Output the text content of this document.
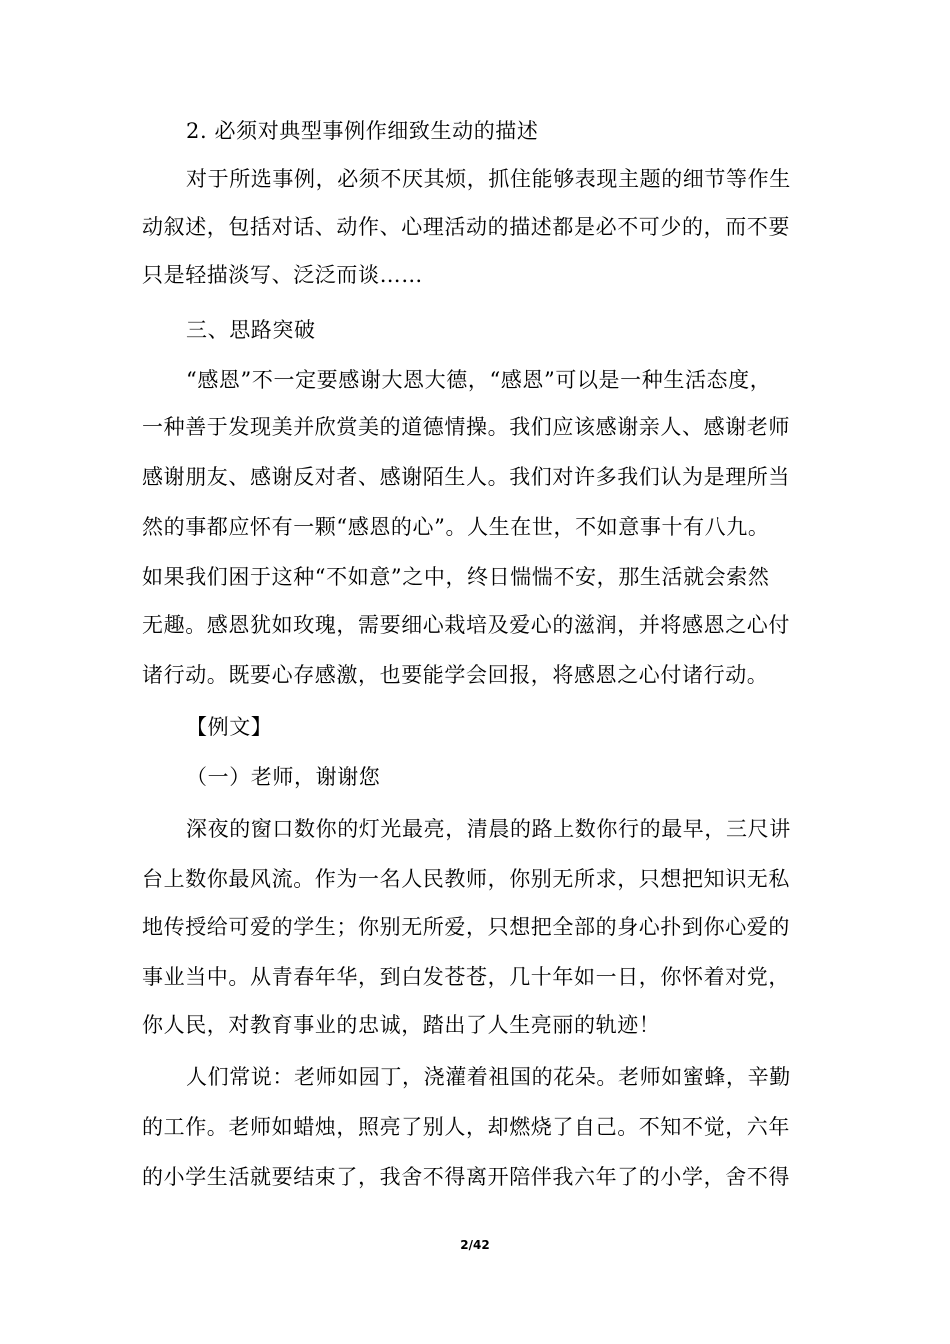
2. 必须对典型事例作细致生动的描述
对于所选事例，必须不厌其烦，抓住能够表现主题的细节等作生
动叙述，包括对话、动作、心理活动的描述都是必不可少的，而不要
只是轻描淡写、泛泛而谈……
三、思路突破
“感恩”不一定要感谢大恩大德，“感恩”可以是一种生活态度，
一种善于发现美并欣赏美的道德情操。我们应该感谢亲人、感谢老师
感谢朋友、感谢反对者、感谢陌生人。我们对许多我们认为是理所当
然的事都应怀有一颗“感恩的心”。人生在世，不如意事十有八九。
如果我们困于这种“不如意”之中，终日惴惴不安，那生活就会索然
无趣。感恩犹如玫瑰，需要细心栽培及爱心的滋润，并将感恩之心付
诸行动。既要心存感激，也要能学会回报，将感恩之心付诸行动。
【例文】
（一）老师，谢谢您
深夜的窗口数你的灯光最亮，清晨的路上数你行的最早，三尺讲
台上数你最风流。作为一名人民教师，你别无所求，只想把知识无私
地传授给可爱的学生；你别无所爱，只想把全部的身心扑到你心爱的
事业当中。从青春年华，到白发苍苍，几十年如一日，你怀着对党，
你人民，对教育事业的忠诚，踏出了人生亮丽的轨迹！
人们常说：老师如园丁，浇灌着祖国的花朵。老师如蜜蜂，辛勤
的工作。老师如蜡烛，照亮了别人，却燃烧了自己。不知不觉，六年
的小学生活就要结束了，我舍不得离开陪伴我六年了的小学，舍不得
2/42
